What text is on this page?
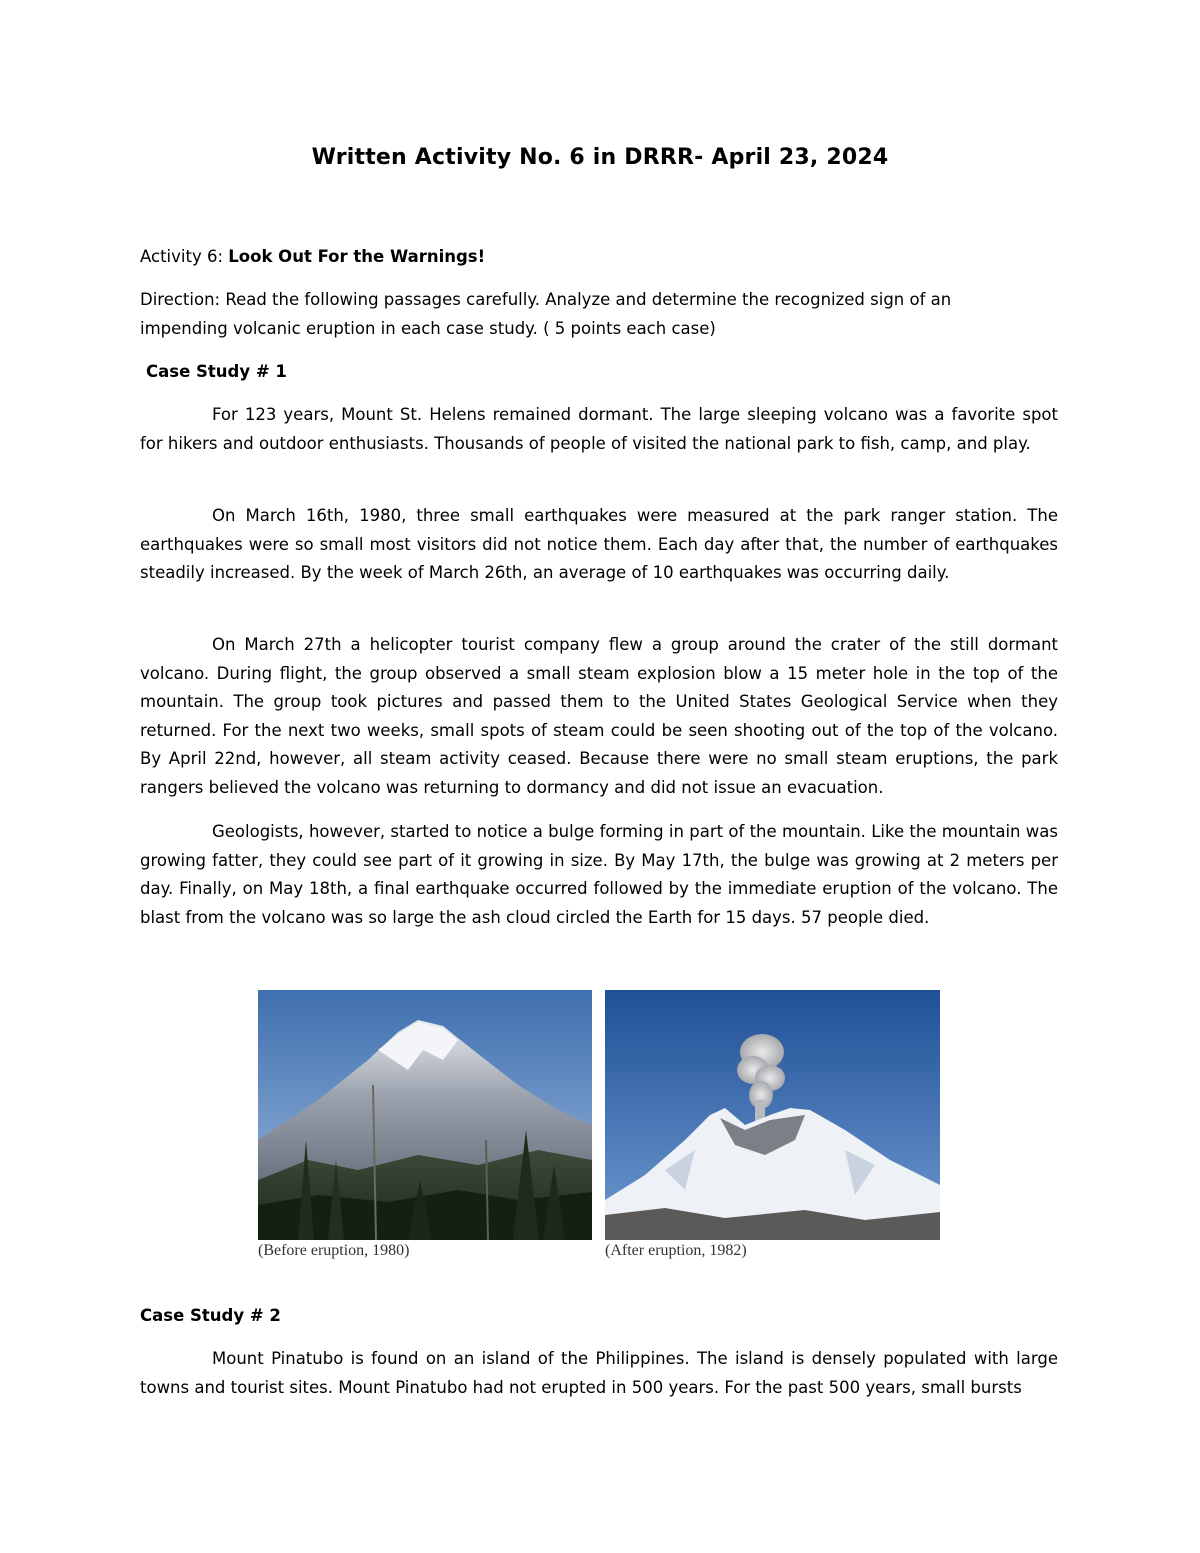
Written Activity No. 6 in DRRR- April 23, 2024
Activity 6: Look Out For the Warnings!
Direction: Read the following passages carefully. Analyze and determine the recognized sign of an
impending volcanic eruption in each case study. ( 5 points each case)
Case Study # 1
For 123 years, Mount St. Helens remained dormant. The large sleeping volcano was a favorite spot for hikers and outdoor enthusiasts. Thousands of people of visited the national park to fish, camp, and play.
On March 16th, 1980, three small earthquakes were measured at the park ranger station. The earthquakes were so small most visitors did not notice them. Each day after that, the number of earthquakes steadily increased. By the week of March 26th, an average of 10 earthquakes was occurring daily.
On March 27th a helicopter tourist company flew a group around the crater of the still dormant volcano. During flight, the group observed a small steam explosion blow a 15 meter hole in the top of the mountain. The group took pictures and passed them to the United States Geological Service when they returned. For the next two weeks, small spots of steam could be seen shooting out of the top of the volcano. By April 22nd, however, all steam activity ceased. Because there were no small steam eruptions, the park rangers believed the volcano was returning to dormancy and did not issue an evacuation.
Geologists, however, started to notice a bulge forming in part of the mountain. Like the mountain was growing fatter, they could see part of it growing in size. By May 17th, the bulge was growing at 2 meters per day. Finally, on May 18th, a final earthquake occurred followed by the immediate eruption of the volcano. The blast from the volcano was so large the ash cloud circled the Earth for 15 days. 57 people died.
(Before eruption, 1980)	(After eruption, 1982)
Case Study # 2
Mount Pinatubo is found on an island of the Philippines. The island is densely populated with large towns and tourist sites. Mount Pinatubo had not erupted in 500 years. For the past 500 years, small bursts
